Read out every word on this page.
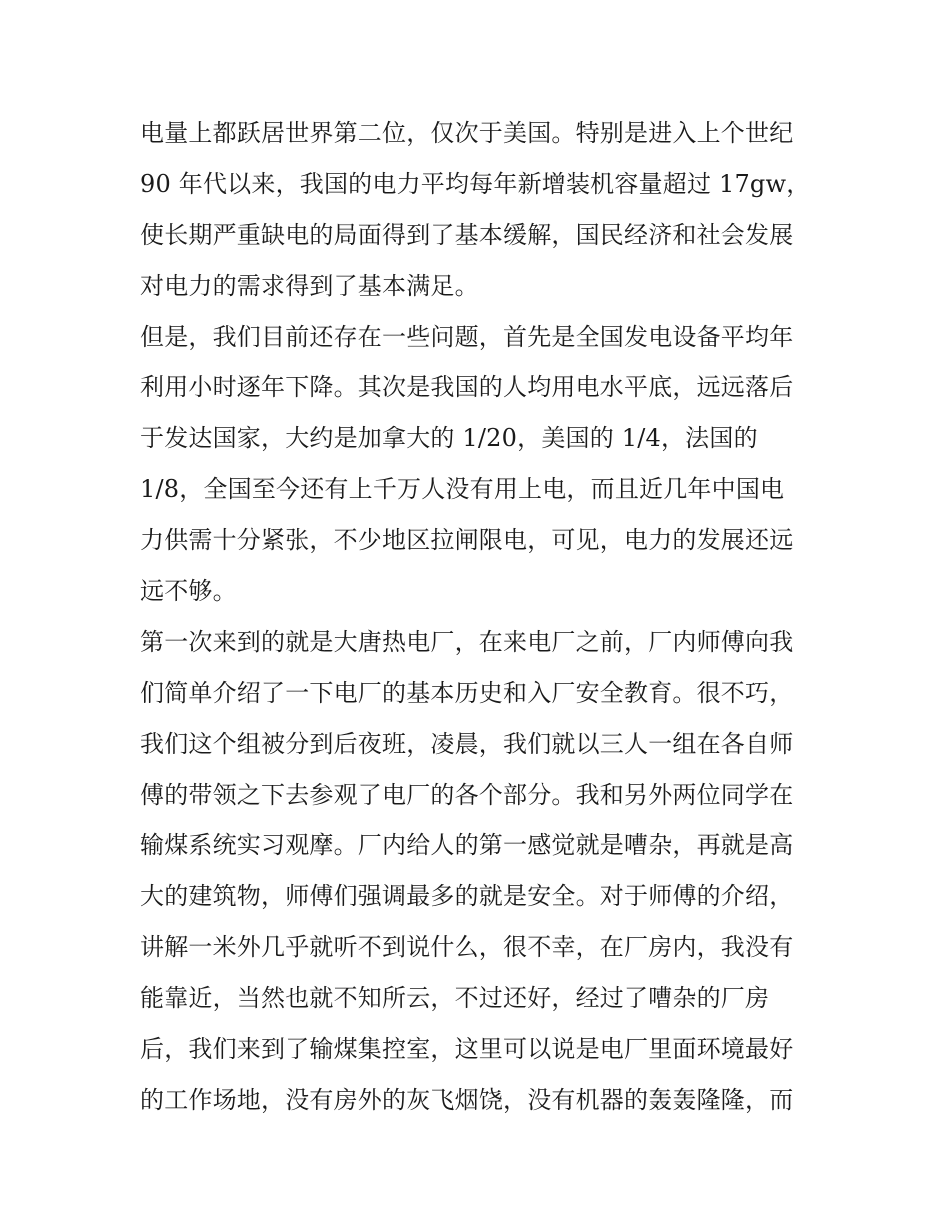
电量上都跃居世界第二位，仅次于美国。特别是进入上个世纪
90 年代以来，我国的电力平均每年新增装机容量超过 17gw，
使长期严重缺电的局面得到了基本缓解，国民经济和社会发展
对电力的需求得到了基本满足。
但是，我们目前还存在一些问题，首先是全国发电设备平均年
利用小时逐年下降。其次是我国的人均用电水平底，远远落后
于发达国家，大约是加拿大的 1/20，美国的 1/4，法国的
1/8，全国至今还有上千万人没有用上电，而且近几年中国电
力供需十分紧张，不少地区拉闸限电，可见，电力的发展还远
远不够。
第一次来到的就是大唐热电厂，在来电厂之前，厂内师傅向我
们简单介绍了一下电厂的基本历史和入厂安全教育。很不巧，
我们这个组被分到后夜班，凌晨，我们就以三人一组在各自师
傅的带领之下去参观了电厂的各个部分。我和另外两位同学在
输煤系统实习观摩。厂内给人的第一感觉就是嘈杂，再就是高
大的建筑物，师傅们强调最多的就是安全。对于师傅的介绍，
讲解一米外几乎就听不到说什么，很不幸，在厂房内，我没有
能靠近，当然也就不知所云，不过还好，经过了嘈杂的厂房
后，我们来到了输煤集控室，这里可以说是电厂里面环境最好
的工作场地，没有房外的灰飞烟饶，没有机器的轰轰隆隆，而
